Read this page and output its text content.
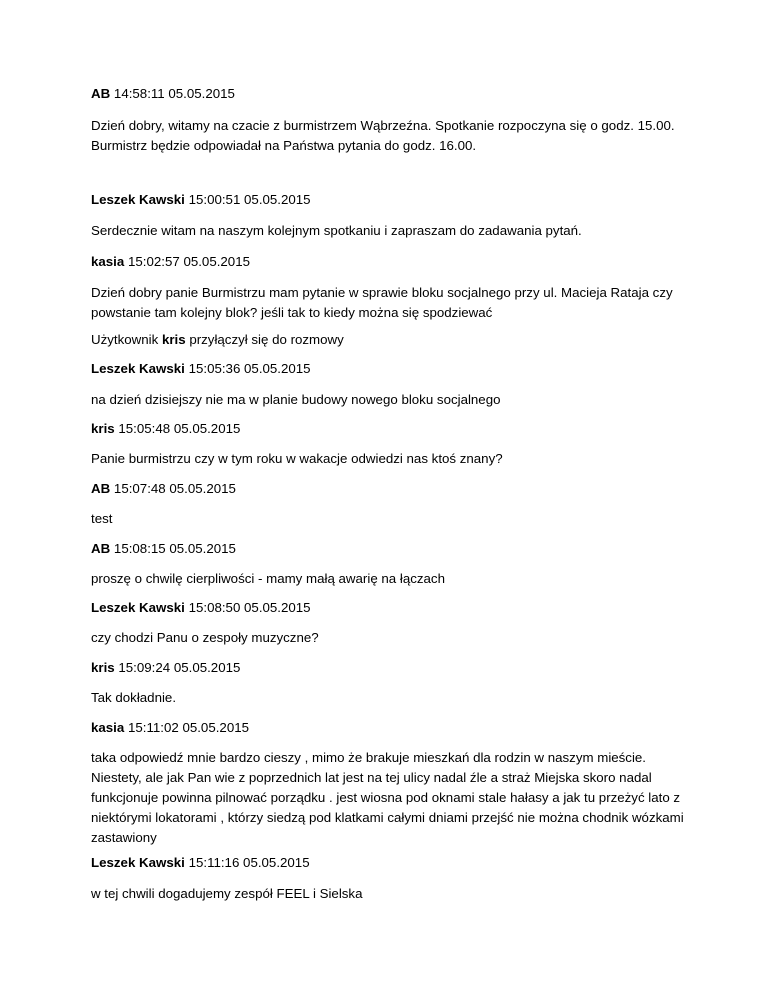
AB 14:58:11 05.05.2015
Dzień dobry, witamy na czacie z burmistrzem Wąbrzeźna. Spotkanie rozpoczyna się o godz. 15.00.
Burmistrz będzie odpowiadał na Państwa pytania do godz. 16.00.
Leszek Kawski 15:00:51 05.05.2015
Serdecznie witam na naszym kolejnym spotkaniu i zapraszam do zadawania pytań.
kasia 15:02:57 05.05.2015
Dzień dobry panie Burmistrzu mam pytanie w sprawie bloku socjalnego przy ul. Macieja Rataja czy
powstanie tam kolejny blok? jeśli tak to kiedy można się spodziewać
Użytkownik kris przyłączył się do rozmowy
Leszek Kawski 15:05:36 05.05.2015
na dzień dzisiejszy nie ma w planie budowy nowego bloku socjalnego
kris 15:05:48 05.05.2015
Panie burmistrzu czy w tym roku w wakacje odwiedzi nas ktoś znany?
AB 15:07:48 05.05.2015
test
AB 15:08:15 05.05.2015
proszę o chwilę cierpliwości - mamy małą awarię na łączach
Leszek Kawski 15:08:50 05.05.2015
czy chodzi Panu o zespoły muzyczne?
kris 15:09:24 05.05.2015
Tak dokładnie.
kasia 15:11:02 05.05.2015
taka odpowiedź mnie bardzo cieszy , mimo że brakuje mieszkań dla rodzin w naszym mieście.
Niestety, ale jak Pan wie z poprzednich lat jest na tej ulicy nadal źle a straż Miejska skoro nadal
funkcjonuje powinna pilnować porządku . jest wiosna pod oknami stale hałasy a jak tu przeżyć lato z
niektórymi lokatorami , którzy siedzą pod klatkami całymi dniami przejść nie można chodnik wózkami
zastawiony
Leszek Kawski 15:11:16 05.05.2015
w tej chwili dogadujemy zespół FEEL i Sielska
